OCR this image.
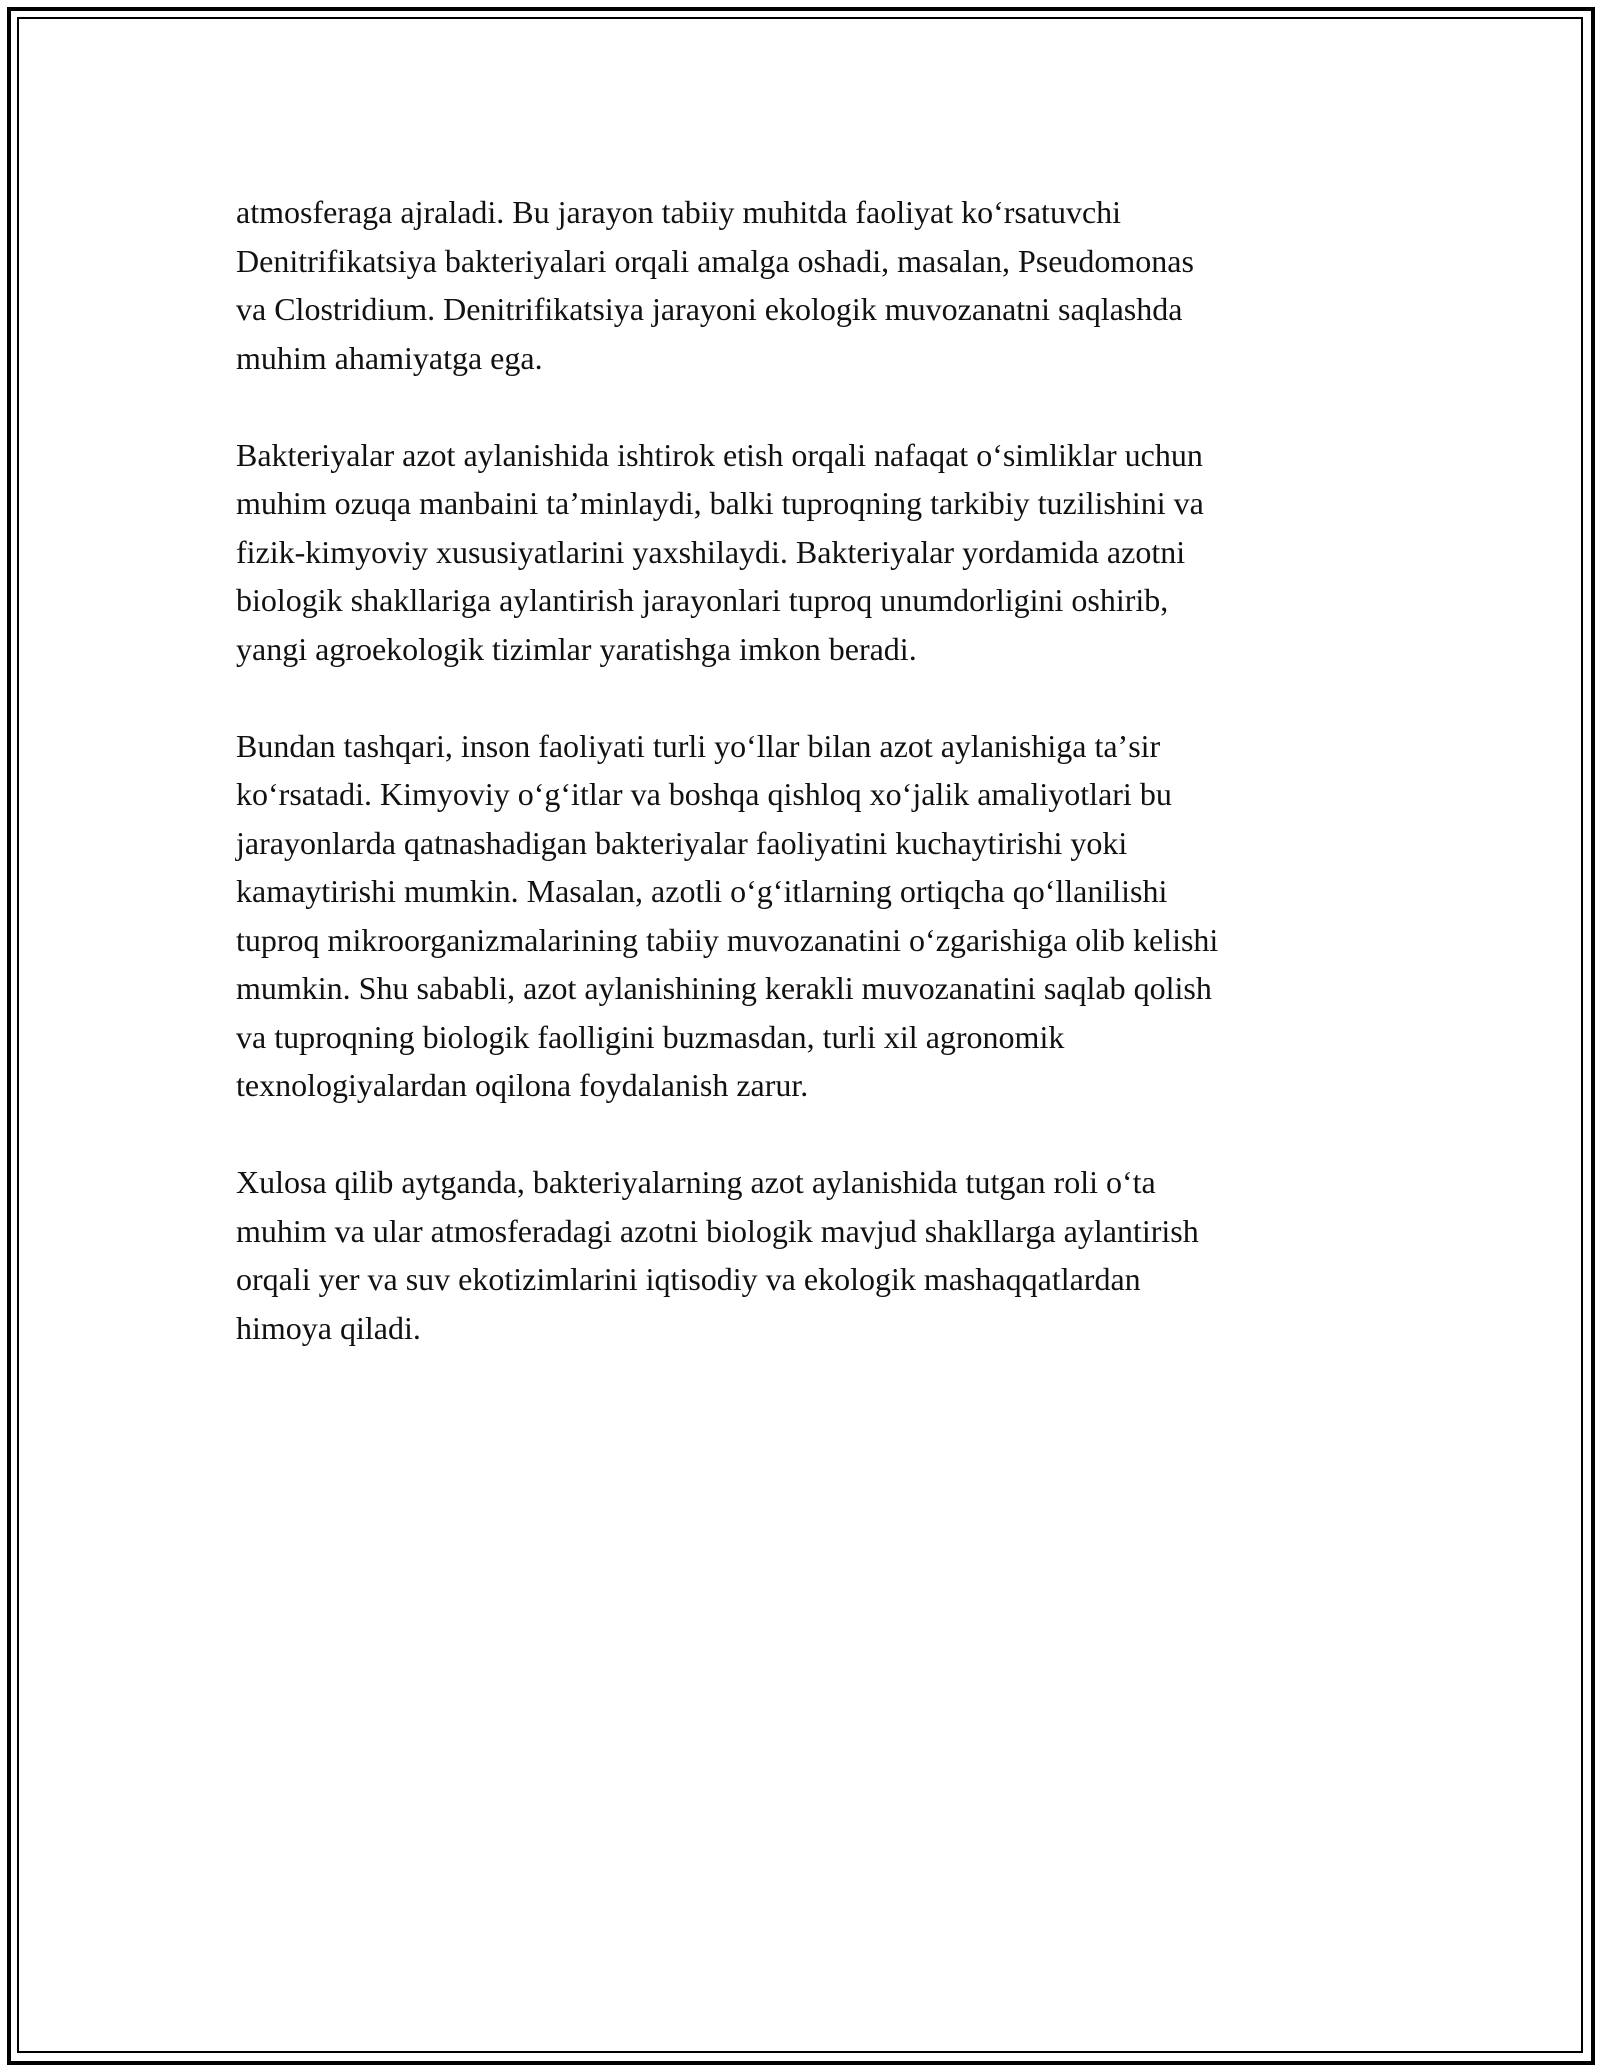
atmosferaga ajraladi. Bu jarayon tabiiy muhitda faoliyat koʻrsatuvchi
Denitrifikatsiya bakteriyalari orqali amalga oshadi, masalan, Pseudomonas
va Clostridium. Denitrifikatsiya jarayoni ekologik muvozanatni saqlashda
muhim ahamiyatga ega.

Bakteriyalar azot aylanishida ishtirok etish orqali nafaqat oʻsimliklar uchun
muhim ozuqa manbaini taʼminlaydi, balki tuproqning tarkibiy tuzilishini va
fizik-kimyoviy xususiyatlarini yaxshilaydi. Bakteriyalar yordamida azotni
biologik shakllariga aylantirish jarayonlari tuproq unumdorligini oshirib,
yangi agroekologik tizimlar yaratishga imkon beradi.

Bundan tashqari, inson faoliyati turli yoʻllar bilan azot aylanishiga taʼsir
koʻrsatadi. Kimyoviy oʻgʻitlar va boshqa qishloq xoʻjalik amaliyotlari bu
jarayonlarda qatnashadigan bakteriyalar faoliyatini kuchaytirishi yoki
kamaytirishi mumkin. Masalan, azotli oʻgʻitlarning ortiqcha qoʻllanilishi
tuproq mikroorganizmalarining tabiiy muvozanatini oʻzgarishiga olib kelishi
mumkin. Shu sababli, azot aylanishining kerakli muvozanatini saqlab qolish
va tuproqning biologik faolligini buzmasdan, turli xil agronomik
texnologiyalardan oqilona foydalanish zarur.

Xulosa qilib aytganda, bakteriyalarning azot aylanishida tutgan roli oʻta
muhim va ular atmosferadagi azotni biologik mavjud shakllarga aylantirish
orqali yer va suv ekotizimlarini iqtisodiy va ekologik mashaqqatlardan
himoya qiladi.
